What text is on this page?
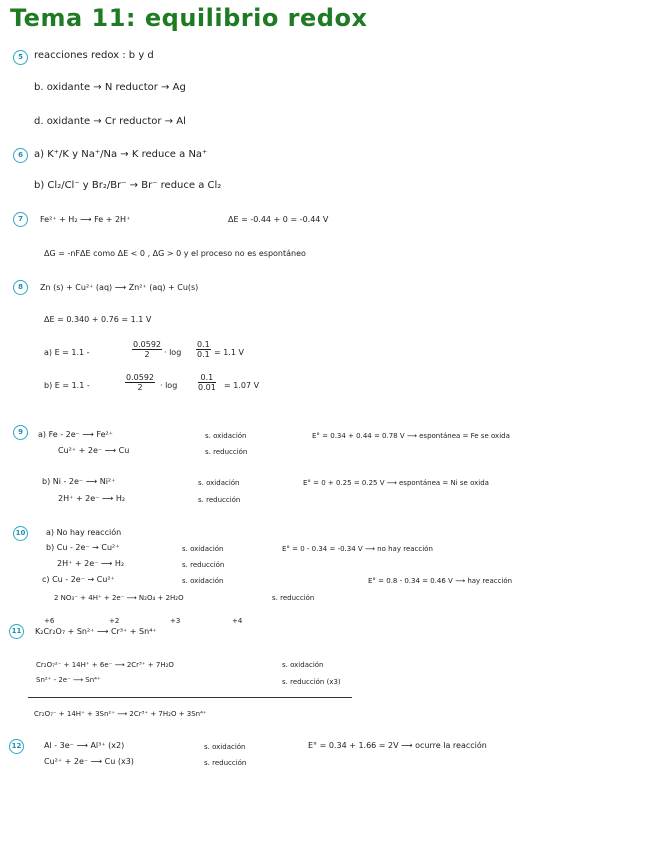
Tema 11: equilibrio redox
5	reacciones redox : b y d
b. oxidante → N reductor → Ag
d. oxidante → Cr reductor → Al
6	a) K⁺/K y Na⁺/Na → K reduce a Na⁺
b) Cl₂/Cl⁻ y Br₂/Br⁻ → Br⁻ reduce a Cl₂
7	Fe²⁺ + H₂ ⟶ Fe + 2H⁺	ΔE = -0.44 + 0 = -0.44 V
ΔG = -nFΔE como ΔE < 0 , ΔG > 0 y el proceso no es espontáneo
8	Zn (s) + Cu²⁺ (aq) ⟶ Zn²⁺ (aq) + Cu(s)
ΔE = 0.340 + 0.76 = 1.1 V
a) E = 1.1 -	$\frac{0.0592}{2} \cdot \log \frac{0.1}{0.1} = 1.1$ V
b) E = 1.1 -	$\frac{0.0592}{2} \cdot \log$	$\frac{0.1}{0.01} = 1.07$ V
9	a) Fe - 2e⁻ ⟶ Fe²⁺	s. oxidación	E° = 0.34 + 0.44 = 0.78 V ⟶ espontánea = Fe se oxida
Cu²⁺ + 2e⁻ ⟶ Cu	s. reducción
b) Ni - 2e⁻ ⟶ Ni²⁺	s. oxidación	E° = 0 + 0.25 = 0.25 V ⟶ espontánea = Ni se oxida
2H⁺ + 2e⁻ ⟶ H₂	s. reducción
10	a) No hay reacción
b) Cu - 2e⁻ → Cu²⁺	s. oxidación	E° = 0 - 0.34 = -0.34 V ⟶ no hay reacción
2H⁺ + 2e⁻ ⟶ H₂	s. reducción
c) Cu - 2e⁻ → Cu²⁺	s. oxidación	E° = 0.8 - 0.34 = 0.46 V ⟶ hay reacción
2 NO₃⁻ + 4H⁺ + 2e⁻ ⟶ N₂O₄ + 2H₂O	s. reducción
11
+6	+2	+3	+4
K₂Cr₂O₇ + Sn²⁺ ⟶ Cr³⁺ + Sn⁴⁺
Cr₂O₇²⁻ + 14H⁺ + 6e⁻ ⟶ 2Cr³⁺ + 7H₂O	s. oxidación
Sn²⁺ - 2e⁻ ⟶ Sn⁴⁺	s. reducción (x3)
Cr₂O₇⁻ + 14H⁺ + 3Sn²⁺ ⟶ 2Cr³⁺ + 7H₂O + 3Sn⁴⁺
12	Al - 3e⁻ ⟶ Al³⁺ (x2)	s. oxidación	E° = 0.34 + 1.66 = 2V ⟶ ocurre la reacción
Cu²⁺ + 2e⁻ ⟶ Cu (x3)	s. reducción
